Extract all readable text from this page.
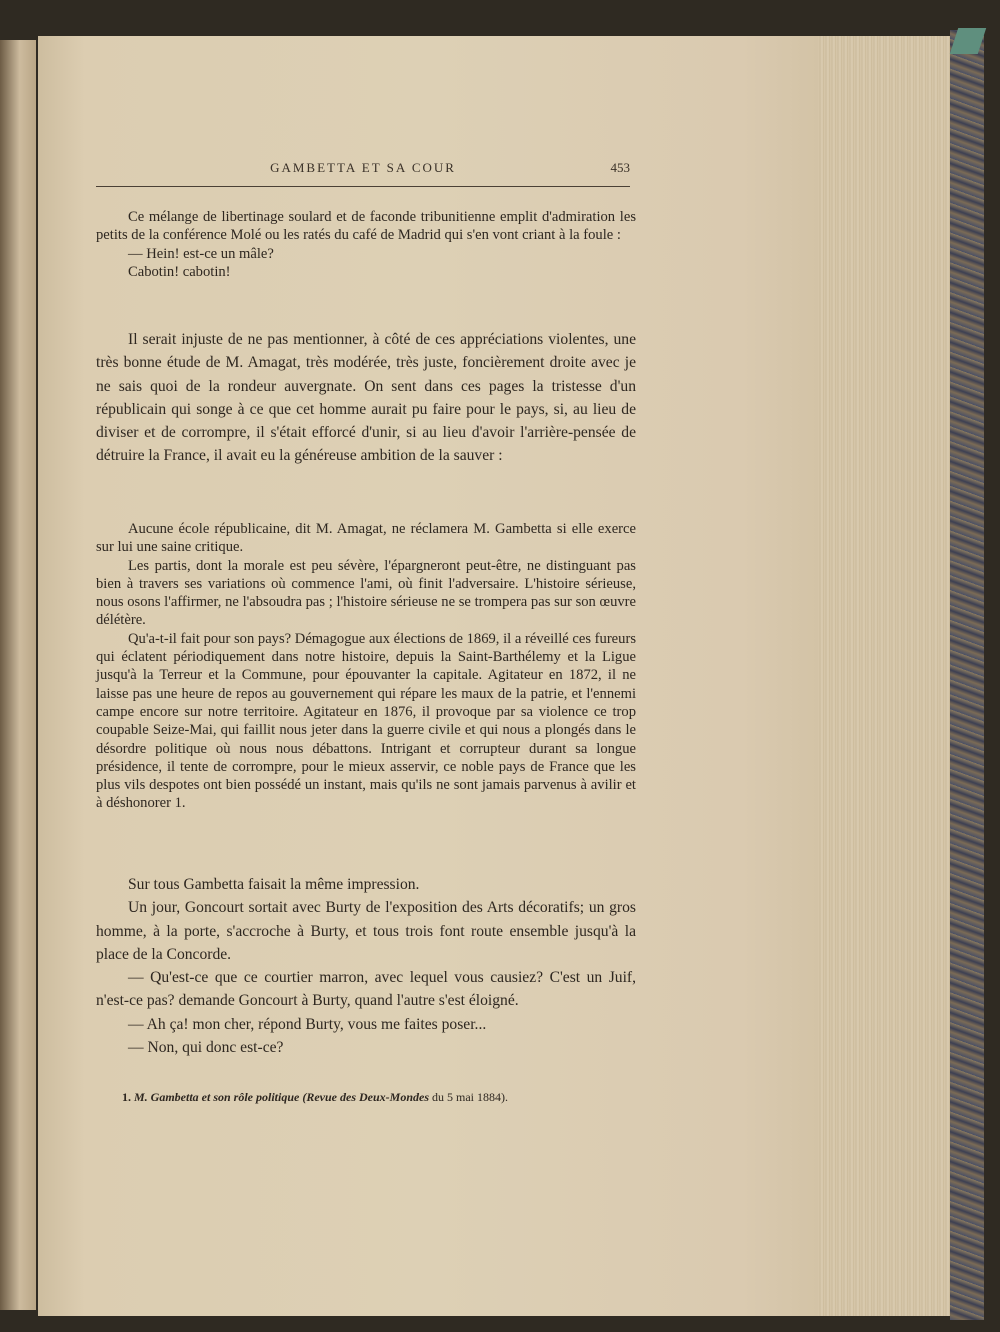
GAMBETTA ET SA COUR	453

Ce mélange de libertinage soulard et de faconde tribunitienne emplit d'admiration les petits de la conférence Molé ou les ratés du café de Madrid qui s'en vont criant à la foule :

— Hein! est-ce un mâle?

Cabotin! cabotin!

Il serait injuste de ne pas mentionner, à côté de ces appréciations violentes, une très bonne étude de M. Amagat, très modérée, très juste, foncièrement droite avec je ne sais quoi de la rondeur auvergnate. On sent dans ces pages la tristesse d'un républicain qui songe à ce que cet homme aurait pu faire pour le pays, si, au lieu de diviser et de corrompre, il s'était efforcé d'unir, si au lieu d'avoir l'arrière-pensée de détruire la France, il avait eu la généreuse ambition de la sauver :

Aucune école républicaine, dit M. Amagat, ne réclamera M. Gambetta si elle exerce sur lui une saine critique.

Les partis, dont la morale est peu sévère, l'épargneront peut-être, ne distinguant pas bien à travers ses variations où commence l'ami, où finit l'adversaire. L'histoire sérieuse, nous osons l'affirmer, ne l'absoudra pas ; l'histoire sérieuse ne se trompera pas sur son œuvre délétère.

Qu'a-t-il fait pour son pays? Démagogue aux élections de 1869, il a réveillé ces fureurs qui éclatent périodiquement dans notre histoire, depuis la Saint-Barthélemy et la Ligue jusqu'à la Terreur et la Commune, pour épouvanter la capitale. Agitateur en 1872, il ne laisse pas une heure de repos au gouvernement qui répare les maux de la patrie, et l'ennemi campe encore sur notre territoire. Agitateur en 1876, il provoque par sa violence ce trop coupable Seize-Mai, qui faillit nous jeter dans la guerre civile et qui nous a plongés dans le désordre politique où nous nous débattons. Intrigant et corrupteur durant sa longue présidence, il tente de corrompre, pour le mieux asservir, ce noble pays de France que les plus vils despotes ont bien possédé un instant, mais qu'ils ne sont jamais parvenus à avilir et à déshonorer 1.

Sur tous Gambetta faisait la même impression.

Un jour, Goncourt sortait avec Burty de l'exposition des Arts décoratifs; un gros homme, à la porte, s'accroche à Burty, et tous trois font route ensemble jusqu'à la place de la Concorde.

— Qu'est-ce que ce courtier marron, avec lequel vous causiez? C'est un Juif, n'est-ce pas? demande Goncourt à Burty, quand l'autre s'est éloigné.

— Ah ça! mon cher, répond Burty, vous me faites poser...

— Non, qui donc est-ce?

1. M. Gambetta et son rôle politique (Revue des Deux-Mondes du 5 mai 1884).
